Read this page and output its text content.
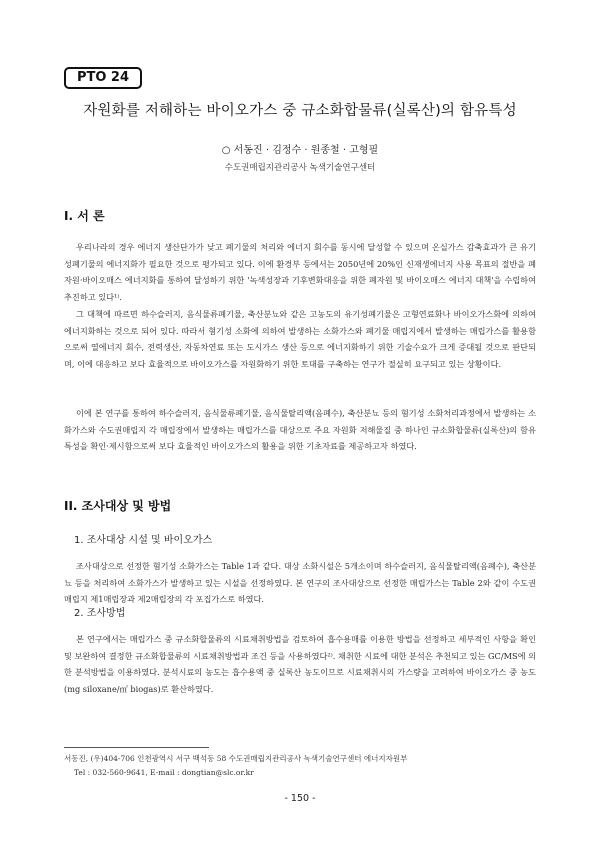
PTO 24
자원화를 저해하는 바이오가스 중 규소화합물류(실록산)의 함유특성
○ 서동진 · 김정수 · 원종철 · 고형필
수도권매립지관리공사 녹색기술연구센터
I. 서 론

우리나라의 경우 에너지 생산단가가 낮고 폐기물의 처리와 에너지 회수를 동시에 달성할 수 있으며 온실가스 감축효과가 큰 유기성폐기물의 에너지화가 필요한 것으로 평가되고 있다. 이에 환경부 등에서는 2050년에 20%인 신재생에너지 사용 목표의 절반을 폐자원·바이오매스 에너지화를 통하여 달성하기 위한 '녹색성장과 기후변화대응을 위한 폐자원 및 바이오매스 에너지 대책'을 수립하여 추진하고 있다¹⁾.

그 대책에 따르면 하수슬러지, 음식물류폐기물, 축산분뇨와 같은 고농도의 유기성폐기물은 고형연료화나 바이오가스화에 의하여 에너지화하는 것으로 되어 있다. 따라서 혐기성 소화에 의하여 발생하는 소화가스와 폐기물 매립지에서 발생하는 매립가스를 활용함으로써 열에너지 회수, 전력생산, 자동차연료 또는 도시가스 생산 등으로 에너지화하기 위한 기술수요가 크게 증대될 것으로 판단되며, 이에 대응하고 보다 효율적으로 바이오가스를 자원화하기 위한 토대를 구축하는 연구가 절실히 요구되고 있는 상황이다.

이에 본 연구를 통하여 하수슬러지, 음식물류폐기물, 음식물탈리액(음폐수), 축산분뇨 등의 혐기성 소화처리과정에서 발생하는 소화가스와 수도권매립지 각 매립장에서 발생하는 매립가스를 대상으로 주요 자원화 저해물질 중 하나인 규소화합물류(실록산)의 함유특성을 확인·제시함으로써 보다 효율적인 바이오가스의 활용을 위한 기초자료를 제공하고자 하였다.

II. 조사대상 및 방법
1. 조사대상 시설 및 바이오가스

조사대상으로 선정한 혐기성 소화가스는 Table 1과 같다. 대상 소화시설은 5개소이며 하수슬러지, 음식물탈리액(음폐수), 축산분뇨 등을 처리하여 소화가스가 발생하고 있는 시설을 선정하였다. 본 연구의 조사대상으로 선정한 매립가스는 Table 2와 같이 수도권매립지 제1매립장과 제2매립장의 각 포집가스로 하였다.

2. 조사방법

본 연구에서는 매립가스 중 규소화합물류의 시료채취방법을 검토하여 흡수용매를 이용한 방법을 선정하고 세부적인 사항을 확인 및 보완하여 결정한 규소화합물류의 시료채취방법과 조건 등을 사용하였다²⁾. 채취한 시료에 대한 분석은 추천되고 있는 GC/MS에 의한 분석방법을 이용하였다. 분석시료의 농도는 흡수용액 중 실록산 농도이므로 시료채취시의 가스량을 고려하여 바이오가스 중 농도(mg siloxane/㎥ biogas)로 환산하였다.

서동진, (우)404-706 인천광역시 서구 백석동 58 수도권매립지관리공사 녹색기술연구센터 에너지자원부
Tel : 032-560-9641, E-mail : dongtian@slc.or.kr
- 150 -
